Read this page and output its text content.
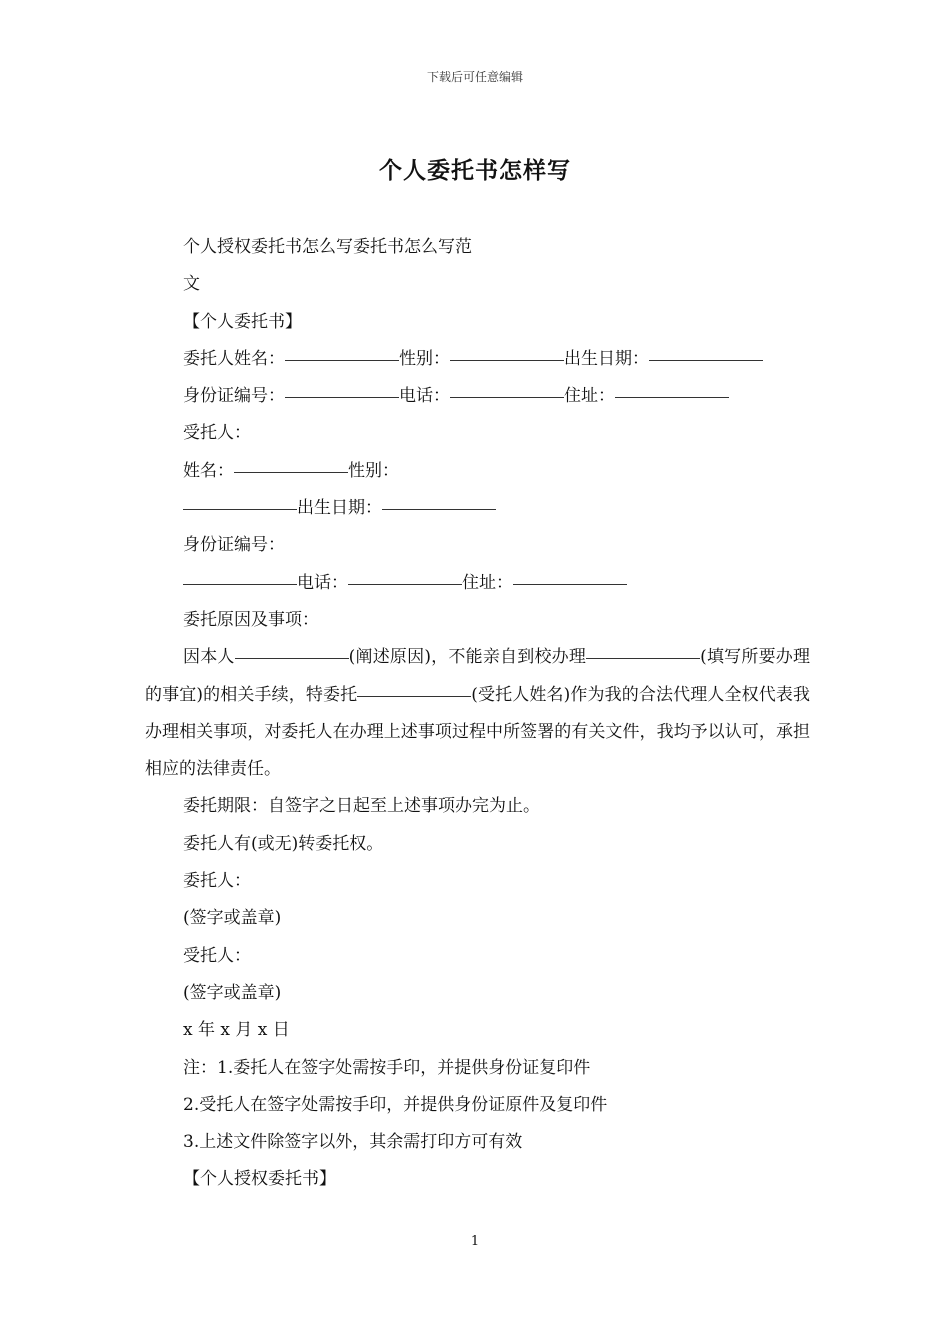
下载后可任意编辑
个人委托书怎样写

个人授权委托书怎么写委托书怎么写范

文

【个人委托书】

委托人姓名：	性别：	出生日期：

身份证编号：	电话：	住址：

受托人：

姓名：	性别：

出生日期：

身份证编号：

电话：	住址：

委托原因及事项：

因本人	(阐述原因)，不能亲自到校办理	(填写所要办理的事宜)的相关手续，特委托	(受托人姓名)作为我的合法代理人全权代表我办理相关事项，对委托人在办理上述事项过程中所签署的有关文件，我均予以认可，承担相应的法律责任。

委托期限：自签字之日起至上述事项办完为止。

委托人有(或无)转委托权。

委托人：

(签字或盖章)

受托人：

(签字或盖章)

x 年 x 月 x 日

注：1.委托人在签字处需按手印，并提供身份证复印件

2.受托人在签字处需按手印，并提供身份证原件及复印件

3.上述文件除签字以外，其余需打印方可有效

【个人授权委托书】

1
